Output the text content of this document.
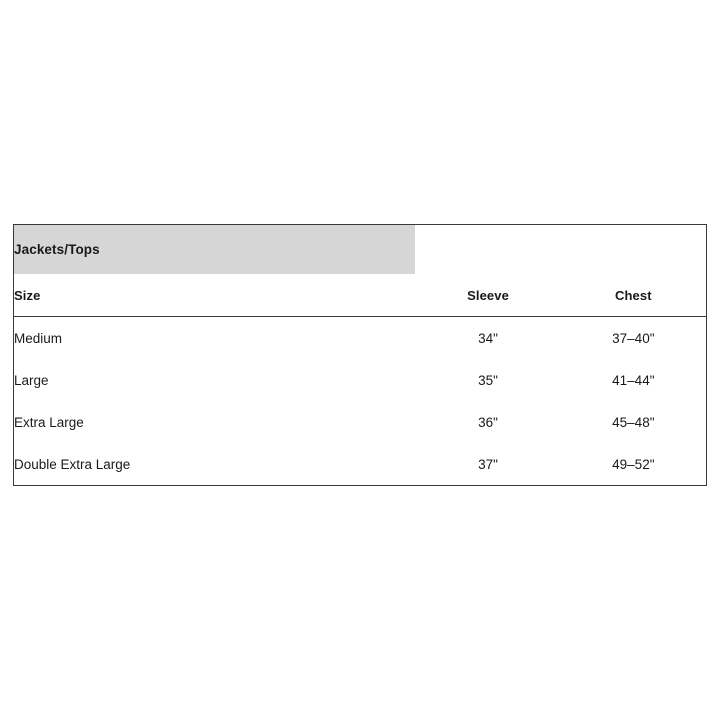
Jackets/Tops		
Size	Sleeve	Chest
Medium	34"	37–40"
Large	35"	41–44"
Extra Large	36"	45–48"
Double Extra Large	37"	49–52"
